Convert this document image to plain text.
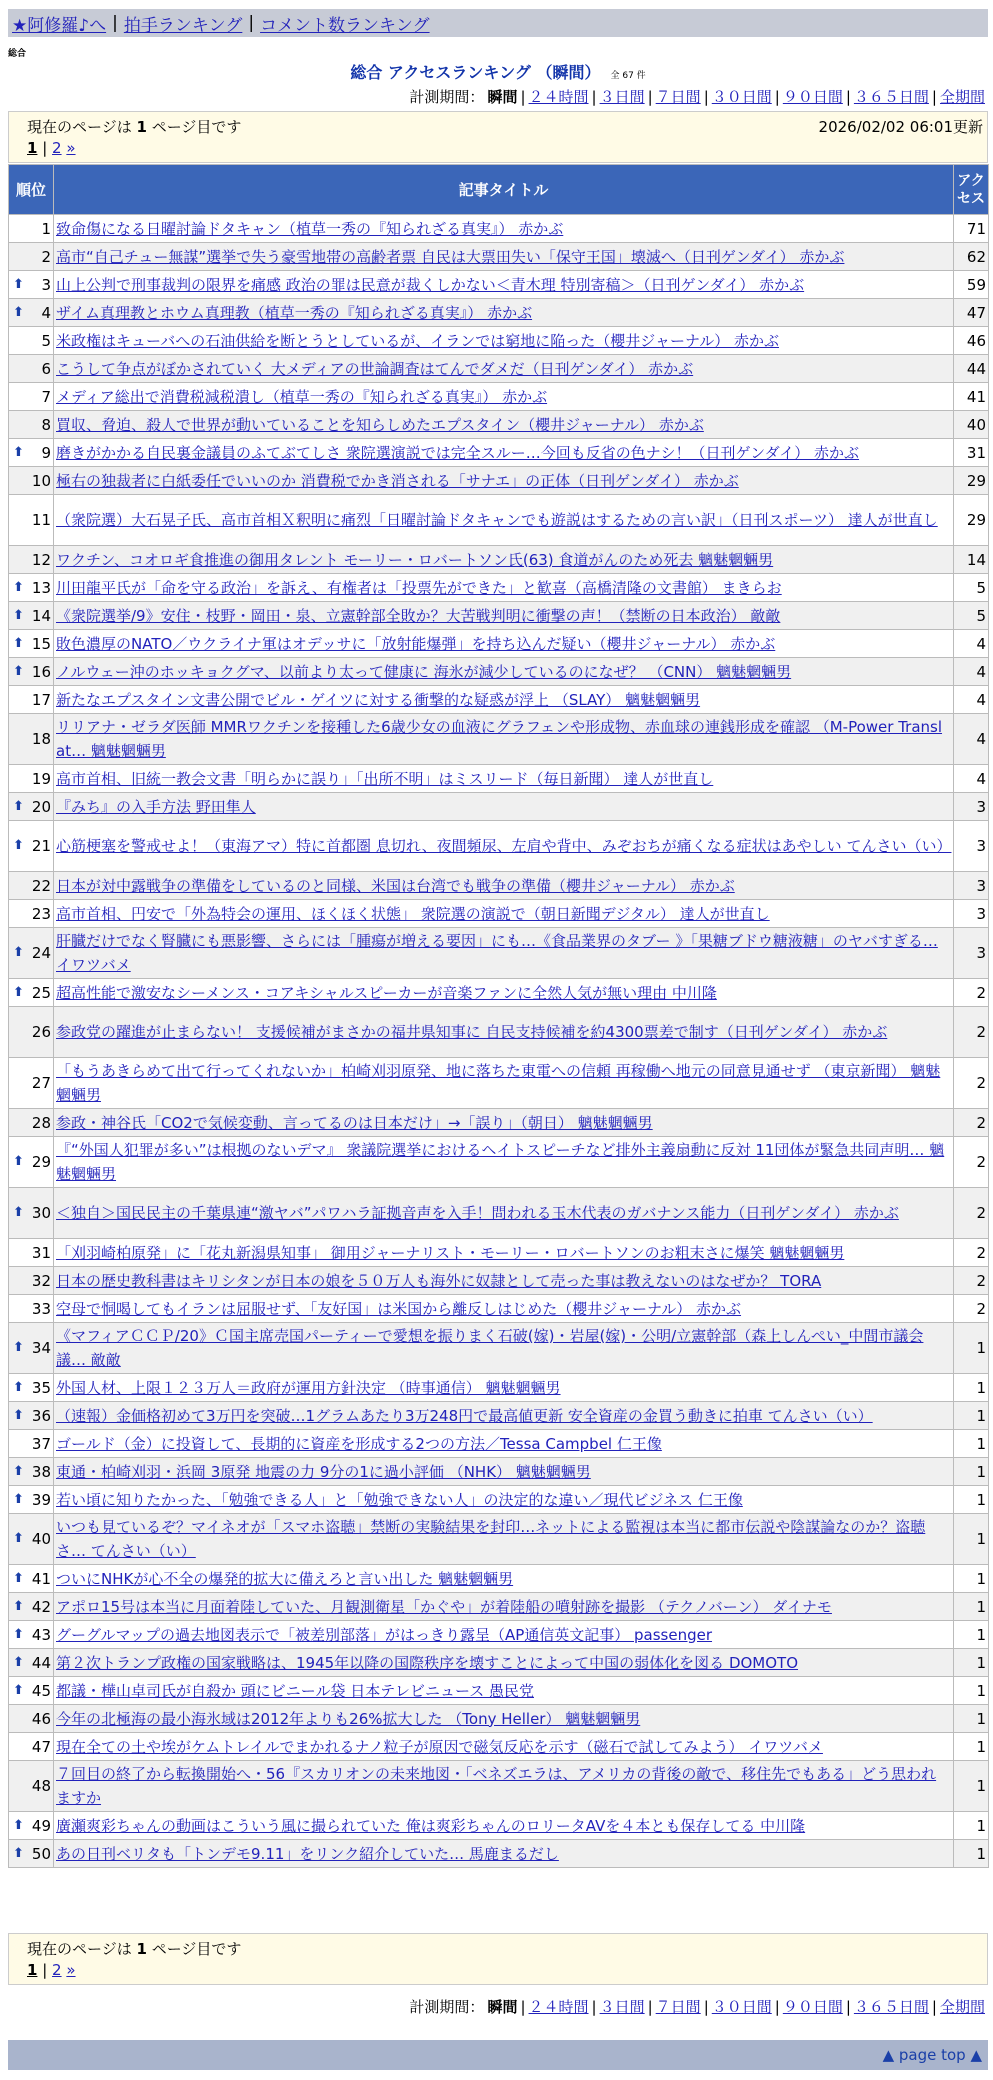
★阿修羅♪へ | 拍手ランキング | コメント数ランキング
総合
総合 アクセスランキング （瞬間） 全 67 件
計測期間： 瞬間 | ２４時間 | ３日間 | ７日間 | ３０日間 | ９０日間 | ３６５日間 | 全期間
現在のページは 1 ページ目です	2026/02/02 06:01更新
1 | 2 »
順位	記事タイトル	アクセス
1	致命傷になる日曜討論ドタキャン（植草一秀の『知られざる真実』） 赤かぶ	71
2	高市“自己チュー無謀”選挙で失う豪雪地帯の高齢者票 自民は大票田失い「保守王国」壊滅へ（日刊ゲンダイ） 赤かぶ	62

⬆ 3	山上公判で刑事裁判の限界を痛感 政治の罪は民意が裁くしかない＜青木理 特別寄稿＞（日刊ゲンダイ） 赤かぶ	59

⬆ 4	ザイム真理教とホウム真理教（植草一秀の『知られざる真実』） 赤かぶ	47
5	米政権はキューバへの石油供給を断とうとしているが、イランでは窮地に陥った（櫻井ジャーナル） 赤かぶ	46
6	こうして争点がぼかされていく 大メディアの世論調査はてんでダメだ（日刊ゲンダイ） 赤かぶ	44
7	メディア総出で消費税減税潰し（植草一秀の『知られざる真実』） 赤かぶ	41
8	買収、脅迫、殺人で世界が動いていることを知らしめたエプスタイン（櫻井ジャーナル） 赤かぶ	40

⬆ 9	磨きがかかる自民裏金議員のふてぶてしさ 衆院選演説では完全スルー…今回も反省の色ナシ！（日刊ゲンダイ） 赤かぶ	31
10	極右の独裁者に白紙委任でいいのか 消費税でかき消される「サナエ」の正体（日刊ゲンダイ） 赤かぶ	29
11	（衆院選）大石晃子氏、高市首相Ｘ釈明に痛烈「日曜討論ドタキャンでも遊説はするための言い訳」（日刊スポーツ） 達人が世直し	29
12	ワクチン、コオロギ食推進の御用タレント モーリー・ロバートソン氏(63) 食道がんのため死去 魑魅魍魎男	14

⬆ 13	川田龍平氏が「命を守る政治」を訴え、有権者は「投票先ができた」と歓喜（高橋清隆の文書館） まきらお	5

⬆ 14	《衆院選挙/9》安住・枝野・岡田・泉、立憲幹部全敗か？大苦戦判明に衝撃の声！（禁断の日本政治） 敵敵	5

⬆ 15	敗色濃厚のNATO／ウクライナ軍はオデッサに「放射能爆弾」を持ち込んだ疑い（櫻井ジャーナル） 赤かぶ	4

⬆ 16	ノルウェー沖のホッキョクグマ、以前より太って健康に 海氷が減少しているのになぜ？ （CNN） 魑魅魍魎男	4
17	新たなエプスタイン文書公開でビル・ゲイツに対する衝撃的な疑惑が浮上 （SLAY） 魑魅魍魎男	4
18	リリアナ・ゼラダ医師 MMRワクチンを接種した6歳少女の血液にグラフェンや形成物、赤血球の連銭形成を確認 （M-Power Translat… 魑魅魍魎男	4
19	高市首相、旧統一教会文書「明らかに誤り」「出所不明」はミスリード（毎日新聞） 達人が世直し	4

⬆ 20	『みち』の入手方法 野田隼人	3

⬆ 21	心筋梗塞を警戒せよ！（東海アマ）特に首都圏 息切れ、夜間頻尿、左肩や背中、みぞおちが痛くなる症状はあやしい てんさい（い）	3
22	日本が対中露戦争の準備をしているのと同様、米国は台湾でも戦争の準備（櫻井ジャーナル） 赤かぶ	3
23	高市首相、円安で「外為特会の運用、ほくほく状態」 衆院選の演説で（朝日新聞デジタル） 達人が世直し	3

⬆ 24	肝臓だけでなく腎臓にも悪影響、さらには「腫瘍が増える要因」にも…《食品業界のタブー 》「果糖ブドウ糖液糖」のヤバすぎる… イワツバメ	3

⬆ 25	超高性能で激安なシーメンス・コアキシャルスピーカーが音楽ファンに全然人気が無い理由 中川隆	2
26	参政党の躍進が止まらない！ 支援候補がまさかの福井県知事に 自民支持候補を約4300票差で制す（日刊ゲンダイ） 赤かぶ	2
27	「もうあきらめて出て行ってくれないか」柏崎刈羽原発、地に落ちた東電への信頼 再稼働へ地元の同意見通せず （東京新聞） 魑魅魍魎男	2
28	参政・神谷氏「CO2で気候変動、言ってるのは日本だけ」→「誤り」（朝日） 魑魅魍魎男	2

⬆ 29	『“外国人犯罪が多い”は根拠のないデマ』 衆議院選挙におけるヘイトスピーチなど排外主義扇動に反対 11団体が緊急共同声明… 魑魅魍魎男	2

⬆ 30	＜独自＞国民民主の千葉県連“激ヤバ”パワハラ証拠音声を入手！問われる玉木代表のガバナンス能力（日刊ゲンダイ） 赤かぶ	2
31	「刈羽崎柏原発」に「花丸新潟県知事」 御用ジャーナリスト・モーリー・ロバートソンのお粗末さに爆笑 魑魅魍魎男	2
32	日本の歴史教科書はキリシタンが日本の娘を５０万人も海外に奴隷として売った事は教えないのはなぜか？ TORA	2
33	空母で恫喝してもイランは屈服せず、「友好国」は米国から離反しはじめた（櫻井ジャーナル） 赤かぶ	2

⬆ 34	《マフィアＣＣＰ/20》Ｃ国主席売国パーティーで愛想を振りまく石破(嫁)・岩屋(嫁)・公明/立憲幹部（森上しんぺい_中間市議会議… 敵敵	1

⬆ 35	外国人材、上限１２３万人＝政府が運用方針決定 （時事通信） 魑魅魍魎男	1

⬆ 36	（速報）金価格初めて3万円を突破…1グラムあたり3万248円で最高値更新 安全資産の金買う動きに拍車 てんさい（い）	1
37	ゴールド（金）に投資して、長期的に資産を形成する2つの方法／Tessa Campbel 仁王像	1

⬆ 38	東通・柏崎刈羽・浜岡 3原発 地震の力 9分の1に過小評価 （NHK） 魑魅魍魎男	1

⬆ 39	若い頃に知りたかった、「勉強できる人」と「勉強できない人」の決定的な違い／現代ビジネス 仁王像	1

⬆ 40	いつも見ているぞ？マイネオが「スマホ盗聴」禁断の実験結果を封印…ネットによる監視は本当に都市伝説や陰謀論なのか？盗聴さ… てんさい（い）	1

⬆ 41	ついにNHKが心不全の爆発的拡大に備えろと言い出した 魑魅魍魎男	1

⬆ 42	アポロ15号は本当に月面着陸していた、月観測衛星「かぐや」が着陸船の噴射跡を撮影 （テクノバーン） ダイナモ	1

⬆ 43	グーグルマップの過去地図表示で「被差別部落」がはっきり露呈（AP通信英文記事） passenger	1

⬆ 44	第２次トランプ政権の国家戦略は、1945年以降の国際秩序を壊すことによって中国の弱体化を図る DOMOTO	1

⬆ 45	都議・樺山卓司氏が自殺か 頭にビニール袋 日本テレビニュース 愚民党	1
46	今年の北極海の最小海氷域は2012年よりも26%拡大した （Tony Heller） 魑魅魍魎男	1
47	現在全ての土や埃がケムトレイルでまかれるナノ粒子が原因で磁気反応を示す（磁石で試してみよう） イワツバメ	1
48	７回目の終了から転換開始へ・56『スカリオンの未来地図・「ベネズエラは、アメリカの背後の敵で、移住先でもある」どう思われますか	1

⬆ 49	廣瀬爽彩ちゃんの動画はこういう風に撮られていた 俺は爽彩ちゃんのロリータAVを４本とも保存してる 中川隆	1

⬆ 50	あの日刊ベリタも「トンデモ9.11」をリンク紹介していた… 馬鹿まるだし	1
現在のページは 1 ページ目です
1 | 2 »
計測期間： 瞬間 | ２４時間 | ３日間 | ７日間 | ３０日間 | ９０日間 | ３６５日間 | 全期間
▲ page top ▲
